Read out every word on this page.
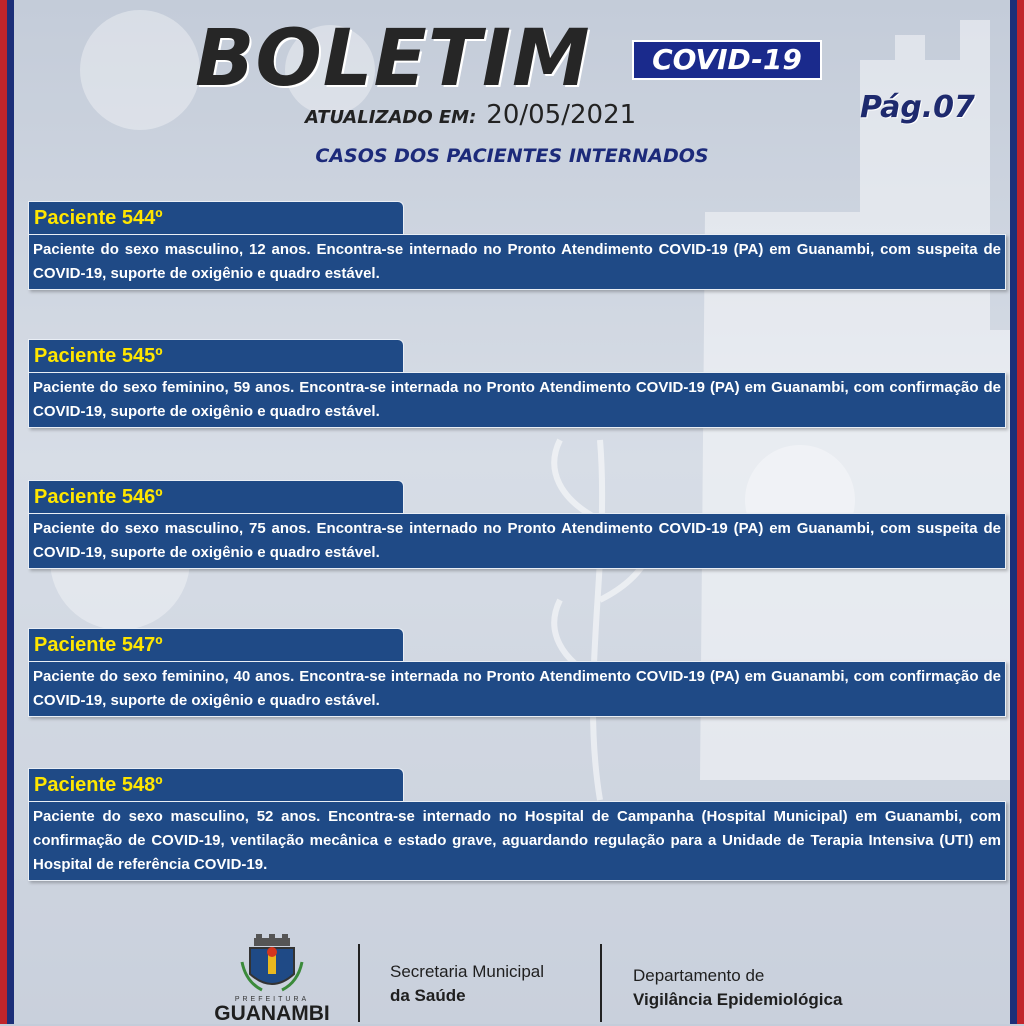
BOLETIM	COVID-19
ATUALIZADO EM: 20/05/2021	Pág.07
CASOS DOS PACIENTES INTERNADOS
Paciente 544º
Paciente do sexo masculino, 12 anos. Encontra-se internado no Pronto Atendimento COVID-19 (PA) em Guanambi, com suspeita de COVID-19, suporte de oxigênio e quadro estável.
Paciente 545º
Paciente do sexo feminino, 59 anos. Encontra-se internada no Pronto Atendimento COVID-19 (PA) em Guanambi, com confirmação de COVID-19, suporte de oxigênio e quadro estável.
Paciente 546º
Paciente do sexo masculino, 75 anos. Encontra-se internado no Pronto Atendimento COVID-19 (PA) em Guanambi, com suspeita de COVID-19, suporte de oxigênio e quadro estável.
Paciente 547º
Paciente do sexo feminino, 40 anos. Encontra-se internada no Pronto Atendimento COVID-19 (PA) em Guanambi, com confirmação de COVID-19, suporte de oxigênio e quadro estável.
Paciente 548º
Paciente do sexo masculino, 52 anos. Encontra-se internado no Hospital de Campanha (Hospital Municipal) em Guanambi, com confirmação de COVID-19, ventilação mecânica e estado grave, aguardando regulação para a Unidade de Terapia Intensiva (UTI) em Hospital de referência COVID-19.
PREFEITURA
GUANAMBI
Secretaria Municipal
da Saúde
Departamento de
Vigilância Epidemiológica
